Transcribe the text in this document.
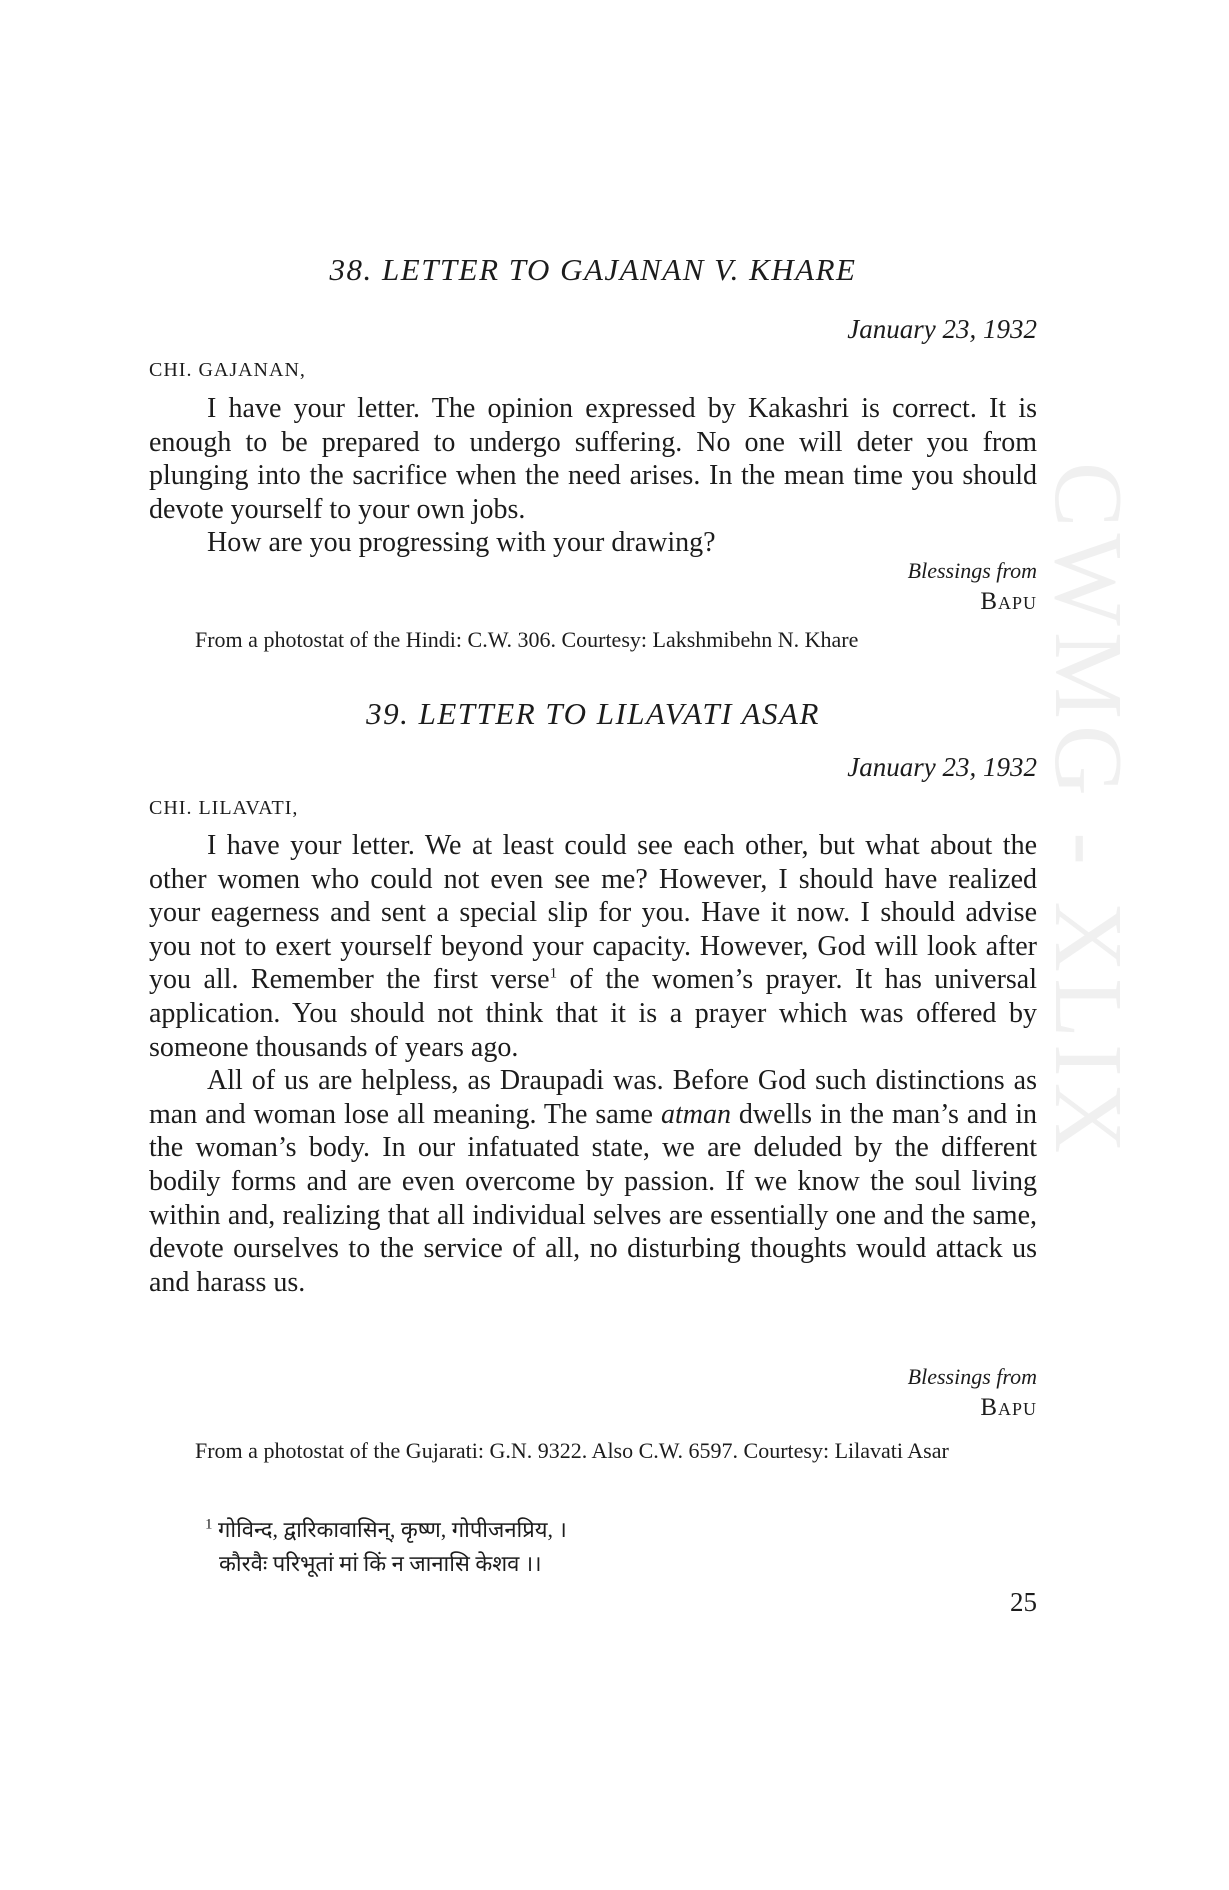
CWMG - XLIX
38. LETTER TO GAJANAN V. KHARE
January 23, 1932
CHI. GAJANAN,

I have your letter. The opinion expressed by Kakashri is correct. It is enough to be prepared to undergo suffering. No one will deter you from plunging into the sacrifice when the need arises. In the mean time you should devote yourself to your own jobs.

How are you progressing with your drawing?

Blessings from
Bapu
From a photostat of the Hindi: C.W. 306. Courtesy: Lakshmibehn N. Khare
39. LETTER TO LILAVATI ASAR
January 23, 1932
CHI. LILAVATI,

I have your letter. We at least could see each other, but what about the other women who could not even see me? However, I should have realized your eagerness and sent a special slip for you. Have it now. I should advise you not to exert yourself beyond your capacity. However, God will look after you all. Remember the first verse$^1$ of the women’s prayer. It has universal application. You should not think that it is a prayer which was offered by someone thousands of years ago.

All of us are helpless, as Draupadi was. Before God such distinctions as man and woman lose all meaning. The same atman dwells in the man’s and in the woman’s body. In our infatuated state, we are deluded by the different bodily forms and are even overcome by passion. If we know the soul living within and, realizing that all individual selves are essentially one and the same, devote ourselves to the service of all, no disturbing thoughts would attack us and harass us.

Blessings from
Bapu
From a photostat of the Gujarati: G.N. 9322. Also C.W. 6597. Courtesy: Lilavati Asar
$^1$ गोविन्द, द्वारिकावासिन्, कृष्ण, गोपीजनप्रिय, ।
कौरवैः परिभूतां मां किं न जानासि केशव ।।
25
